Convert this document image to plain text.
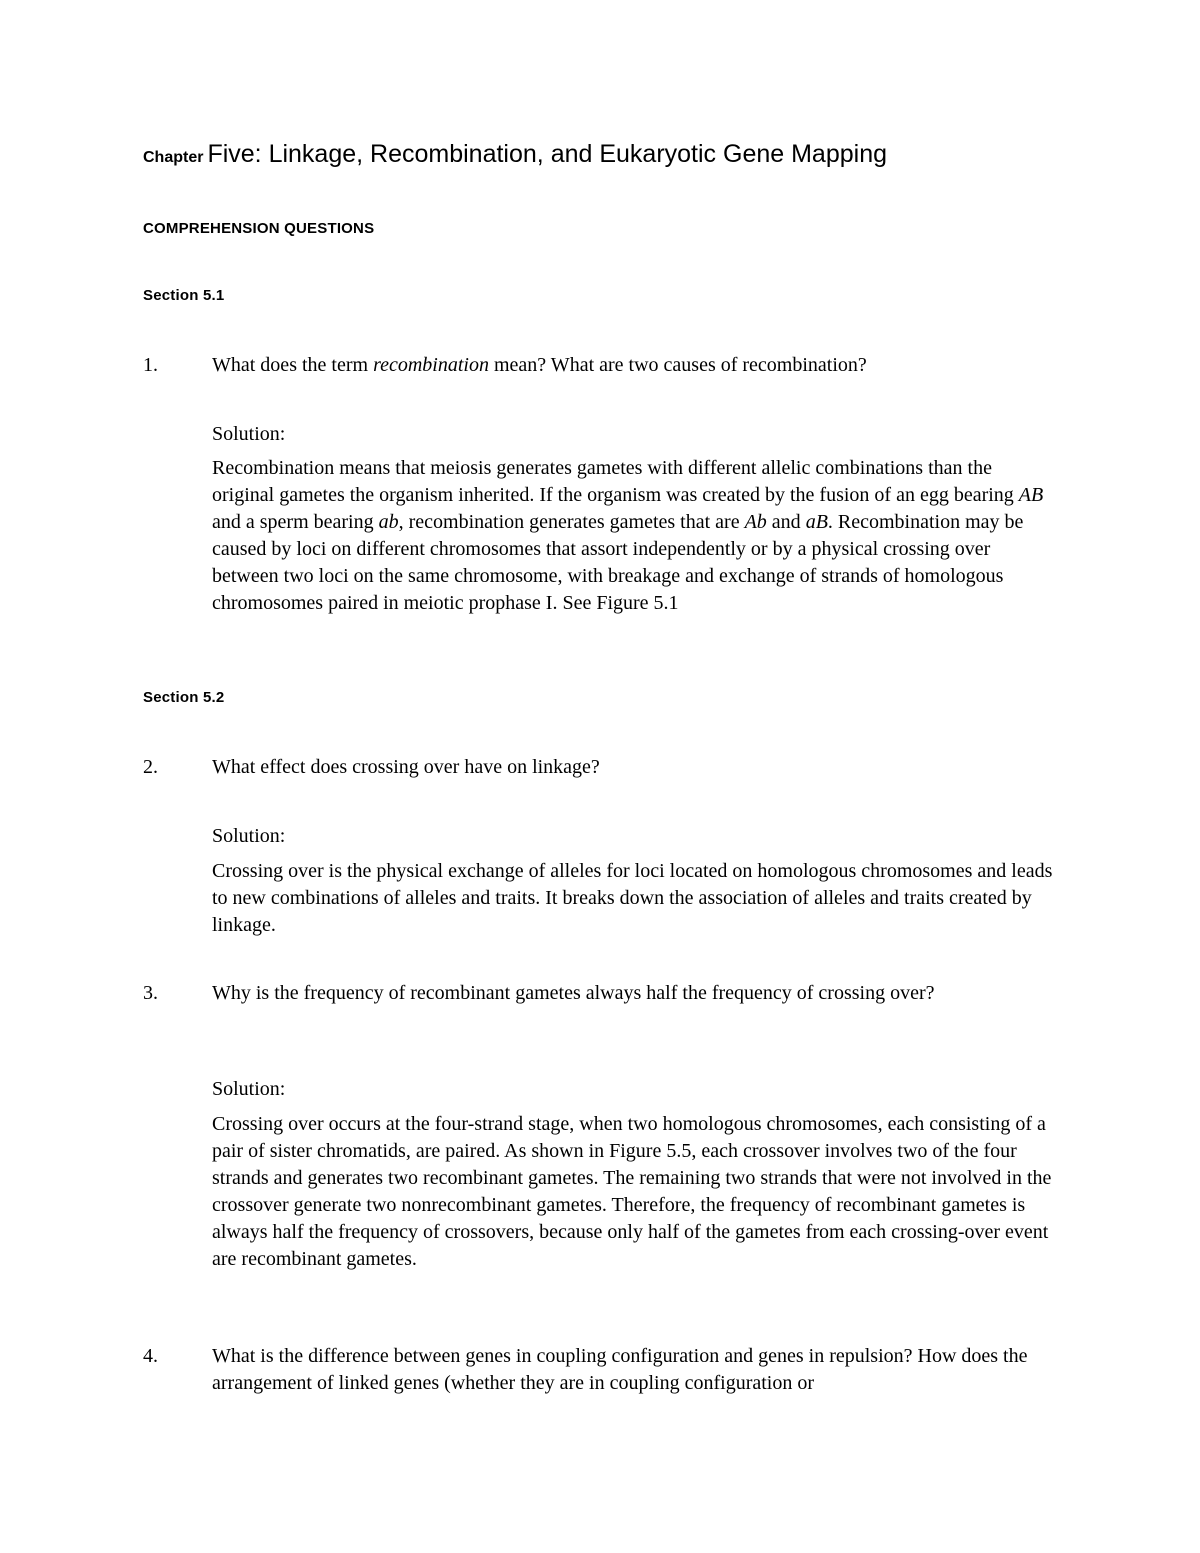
Chapter Five: Linkage, Recombination, and Eukaryotic Gene Mapping
COMPREHENSION QUESTIONS
Section 5.1
1.	What does the term recombination mean? What are two causes of recombination?
Solution:

Recombination means that meiosis generates gametes with different allelic combinations than the original gametes the organism inherited. If the organism was created by the fusion of an egg bearing AB and a sperm bearing ab, recombination generates gametes that are Ab and aB. Recombination may be caused by loci on different chromosomes that assort independently or by a physical crossing over between two loci on the same chromosome, with breakage and exchange of strands of homologous chromosomes paired in meiotic prophase I. See Figure 5.1

Section 5.2
2.	What effect does crossing over have on linkage?
Solution:
Crossing over is the physical exchange of alleles for loci located on homologous chromosomes and leads to new combinations of alleles and traits. It breaks down the association of alleles and traits created by linkage.
3.	Why is the frequency of recombinant gametes always half the frequency of crossing over?
Solution:
Crossing over occurs at the four-strand stage, when two homologous chromosomes, each consisting of a pair of sister chromatids, are paired. As shown in Figure 5.5, each crossover involves two of the four strands and generates two recombinant gametes. The remaining two strands that were not involved in the crossover generate two nonrecombinant gametes. Therefore, the frequency of recombinant gametes is always half the frequency of crossovers, because only half of the gametes from each crossing-over event are recombinant gametes.
4.	What is the difference between genes in coupling configuration and genes in repulsion? How does the arrangement of linked genes (whether they are in coupling configuration or
